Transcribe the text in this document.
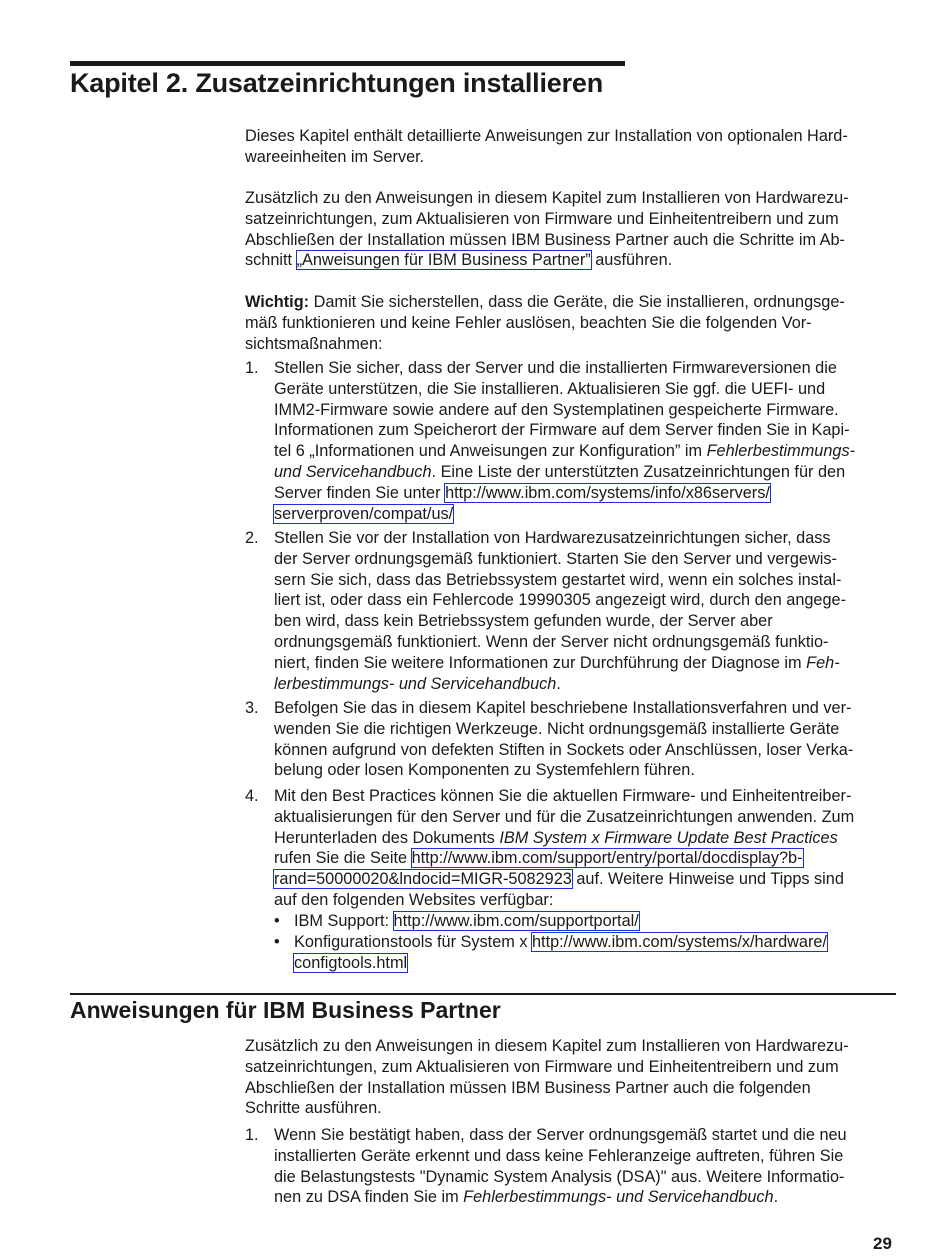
Kapitel 2. Zusatzeinrichtungen installieren
Dieses Kapitel enthält detaillierte Anweisungen zur Installation von optionalen Hard-
wareeinheiten im Server.
Zusätzlich zu den Anweisungen in diesem Kapitel zum Installieren von Hardwarezu-
satzeinrichtungen, zum Aktualisieren von Firmware und Einheitentreibern und zum
Abschließen der Installation müssen IBM Business Partner auch die Schritte im Ab-
schnitt „Anweisungen für IBM Business Partner” ausführen.
Wichtig: Damit Sie sicherstellen, dass die Geräte, die Sie installieren, ordnungsge-
mäß funktionieren und keine Fehler auslösen, beachten Sie die folgenden Vor-
sichtsmaßnahmen:
1. Stellen Sie sicher, dass der Server und die installierten Firmwareversionen die
Geräte unterstützen, die Sie installieren. Aktualisieren Sie ggf. die UEFI- und
IMM2-Firmware sowie andere auf den Systemplatinen gespeicherte Firmware.
Informationen zum Speicherort der Firmware auf dem Server finden Sie in Kapi-
tel 6 „Informationen und Anweisungen zur Konfiguration” im Fehlerbestimmungs-
und Servicehandbuch. Eine Liste der unterstützten Zusatzeinrichtungen für den
Server finden Sie unter http://www.ibm.com/systems/info/x86servers/
serverproven/compat/us/
2. Stellen Sie vor der Installation von Hardwarezusatzeinrichtungen sicher, dass
der Server ordnungsgemäß funktioniert. Starten Sie den Server und vergewis-
sern Sie sich, dass das Betriebssystem gestartet wird, wenn ein solches instal-
liert ist, oder dass ein Fehlercode 19990305 angezeigt wird, durch den angege-
ben wird, dass kein Betriebssystem gefunden wurde, der Server aber
ordnungsgemäß funktioniert. Wenn der Server nicht ordnungsgemäß funktio-
niert, finden Sie weitere Informationen zur Durchführung der Diagnose im Feh-
lerbestimmungs- und Servicehandbuch.
3. Befolgen Sie das in diesem Kapitel beschriebene Installationsverfahren und ver-
wenden Sie die richtigen Werkzeuge. Nicht ordnungsgemäß installierte Geräte
können aufgrund von defekten Stiften in Sockets oder Anschlüssen, loser Verka-
belung oder losen Komponenten zu Systemfehlern führen.
4. Mit den Best Practices können Sie die aktuellen Firmware- und Einheitentreiber-
aktualisierungen für den Server und für die Zusatzeinrichtungen anwenden. Zum
Herunterladen des Dokuments IBM System x Firmware Update Best Practices
rufen Sie die Seite http://www.ibm.com/support/entry/portal/docdisplay?b-
rand=50000020&lndocid=MIGR-5082923 auf. Weitere Hinweise und Tipps sind
auf den folgenden Websites verfügbar:
• IBM Support: http://www.ibm.com/supportportal/
• Konfigurationstools für System x http://www.ibm.com/systems/x/hardware/
configtools.html
Anweisungen für IBM Business Partner
Zusätzlich zu den Anweisungen in diesem Kapitel zum Installieren von Hardwarezu-
satzeinrichtungen, zum Aktualisieren von Firmware und Einheitentreibern und zum
Abschließen der Installation müssen IBM Business Partner auch die folgenden
Schritte ausführen.
1. Wenn Sie bestätigt haben, dass der Server ordnungsgemäß startet und die neu
installierten Geräte erkennt und dass keine Fehleranzeige auftreten, führen Sie
die Belastungstests "Dynamic System Analysis (DSA)" aus. Weitere Informatio-
nen zu DSA finden Sie im Fehlerbestimmungs- und Servicehandbuch.
29
